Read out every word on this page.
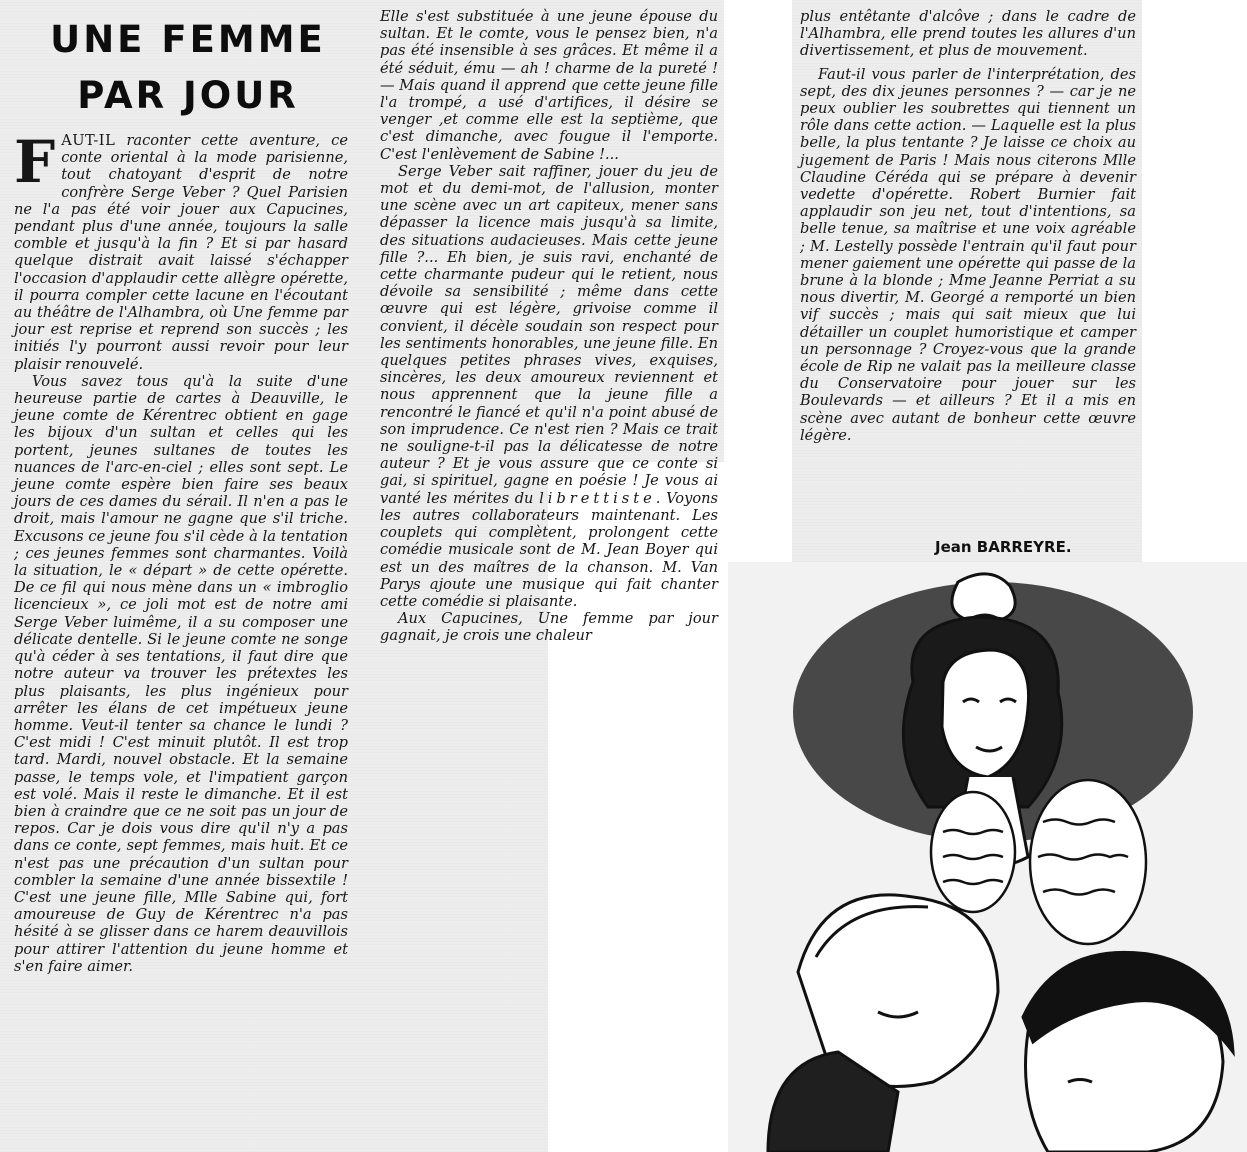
UNE FEMME
PAR JOUR

FAUT-IL raconter cette aventure, ce conte oriental à la mode parisienne, tout chatoyant d'esprit de notre confrère Serge Veber ? Quel Parisien ne l'a pas été voir jouer aux Capucines, pendant plus d'une année, toujours la salle comble et jusqu'à la fin ? Et si par hasard quelque distrait avait laissé s'échapper l'occasion d'applaudir cette allègre opérette, il pourra compler cette lacune en l'écoutant au théâtre de l'Alhambra, où Une femme par jour est reprise et reprend son succès ; les initiés l'y pourront aussi revoir pour leur plaisir renouvelé.

Vous savez tous qu'à la suite d'une heureuse partie de cartes à Deauville, le jeune comte de Kérentrec obtient en gage les bijoux d'un sultan et celles qui les portent, jeunes sultanes de toutes les nuances de l'arc-en-ciel ; elles sont sept. Le jeune comte espère bien faire ses beaux jours de ces dames du sérail. Il n'en a pas le droit, mais l'amour ne gagne que s'il triche. Excusons ce jeune fou s'il cède à la tentation ; ces jeunes femmes sont charmantes. Voilà la situation, le « départ » de cette opérette. De ce fil qui nous mène dans un « imbroglio licencieux », ce joli mot est de notre ami Serge Veber luimême, il a su composer une délicate dentelle. Si le jeune comte ne songe qu'à céder à ses tentations, il faut dire que notre auteur va trouver les prétextes les plus plaisants, les plus ingénieux pour arrêter les élans de cet impétueux jeune homme. Veut-il tenter sa chance le lundi ? C'est midi ! C'est minuit plutôt. Il est trop tard. Mardi, nouvel obstacle. Et la semaine passe, le temps vole, et l'impatient garçon est volé. Mais il reste le dimanche. Et il est bien à craindre que ce ne soit pas un jour de repos. Car je dois vous dire qu'il n'y a pas dans ce conte, sept femmes, mais huit. Et ce n'est pas une précaution d'un sultan pour combler la semaine d'une année bissextile ! C'est une jeune fille, Mlle Sabine qui, fort amoureuse de Guy de Kérentrec n'a pas hésité à se glisser dans ce harem deauvillois pour attirer l'attention du jeune homme et s'en faire aimer.

Elle s'est substituée à une jeune épouse du sultan. Et le comte, vous le pensez bien, n'a pas été insensible à ses grâces. Et même il a été séduit, ému — ah ! charme de la pureté ! — Mais quand il apprend que cette jeune fille l'a trompé, a usé d'artifices, il désire se venger ,et comme elle est la septième, que c'est dimanche, avec fougue il l'emporte. C'est l'enlèvement de Sabine !...

Serge Veber sait raffiner, jouer du jeu de mot et du demi-mot, de l'allusion, monter une scène avec un art capiteux, mener sans dépasser la licence mais jusqu'à sa limite, des situations audacieuses. Mais cette jeune fille ?... Eh bien, je suis ravi, enchanté de cette charmante pudeur qui le retient, nous dévoile sa sensibilité ; même dans cette œuvre qui est légère, grivoise comme il convient, il décèle soudain son respect pour les sentiments honorables, une jeune fille. En quelques petites phrases vives, exquises, sincères, les deux amoureux reviennent et nous apprennent que la jeune fille a rencontré le fiancé et qu'il n'a point abusé de son imprudence. Ce n'est rien ? Mais ce trait ne souligne-t-il pas la délicatesse de notre auteur ? Et je vous assure que ce conte si gai, si spirituel, gagne en poésie ! Je vous ai vanté les mérites du librettiste. Voyons les autres collaborateurs maintenant. Les couplets qui complètent, prolongent cette comédie musicale sont de M. Jean Boyer qui est un des maîtres de la chanson. M. Van Parys ajoute une musique qui fait chanter cette comédie si plaisante.

Aux Capucines, Une femme par jour gagnait, je crois une chaleur

plus entêtante d'alcôve ; dans le cadre de l'Alhambra, elle prend toutes les allures d'un divertissement, et plus de mouvement.

Faut-il vous parler de l'interprétation, des sept, des dix jeunes personnes ? — car je ne peux oublier les soubrettes qui tiennent un rôle dans cette action. — Laquelle est la plus belle, la plus tentante ? Je laisse ce choix au jugement de Paris ! Mais nous citerons Mlle Claudine Céréda qui se prépare à devenir vedette d'opérette. Robert Burnier fait applaudir son jeu net, tout d'intentions, sa belle tenue, sa maîtrise et une voix agréable ; M. Lestelly possède l'entrain qu'il faut pour mener gaiement une opérette qui passe de la brune à la blonde ; Mme Jeanne Perriat a su nous divertir, M. Georgé a remporté un bien vif succès ; mais qui sait mieux que lui détailler un couplet humoristique et camper un personnage ? Croyez-vous que la grande école de Rip ne valait pas la meilleure classe du Conservatoire pour jouer sur les Boulevards — et ailleurs ? Et il a mis en scène avec autant de bonheur cette œuvre légère.

Jean BARREYRE.
